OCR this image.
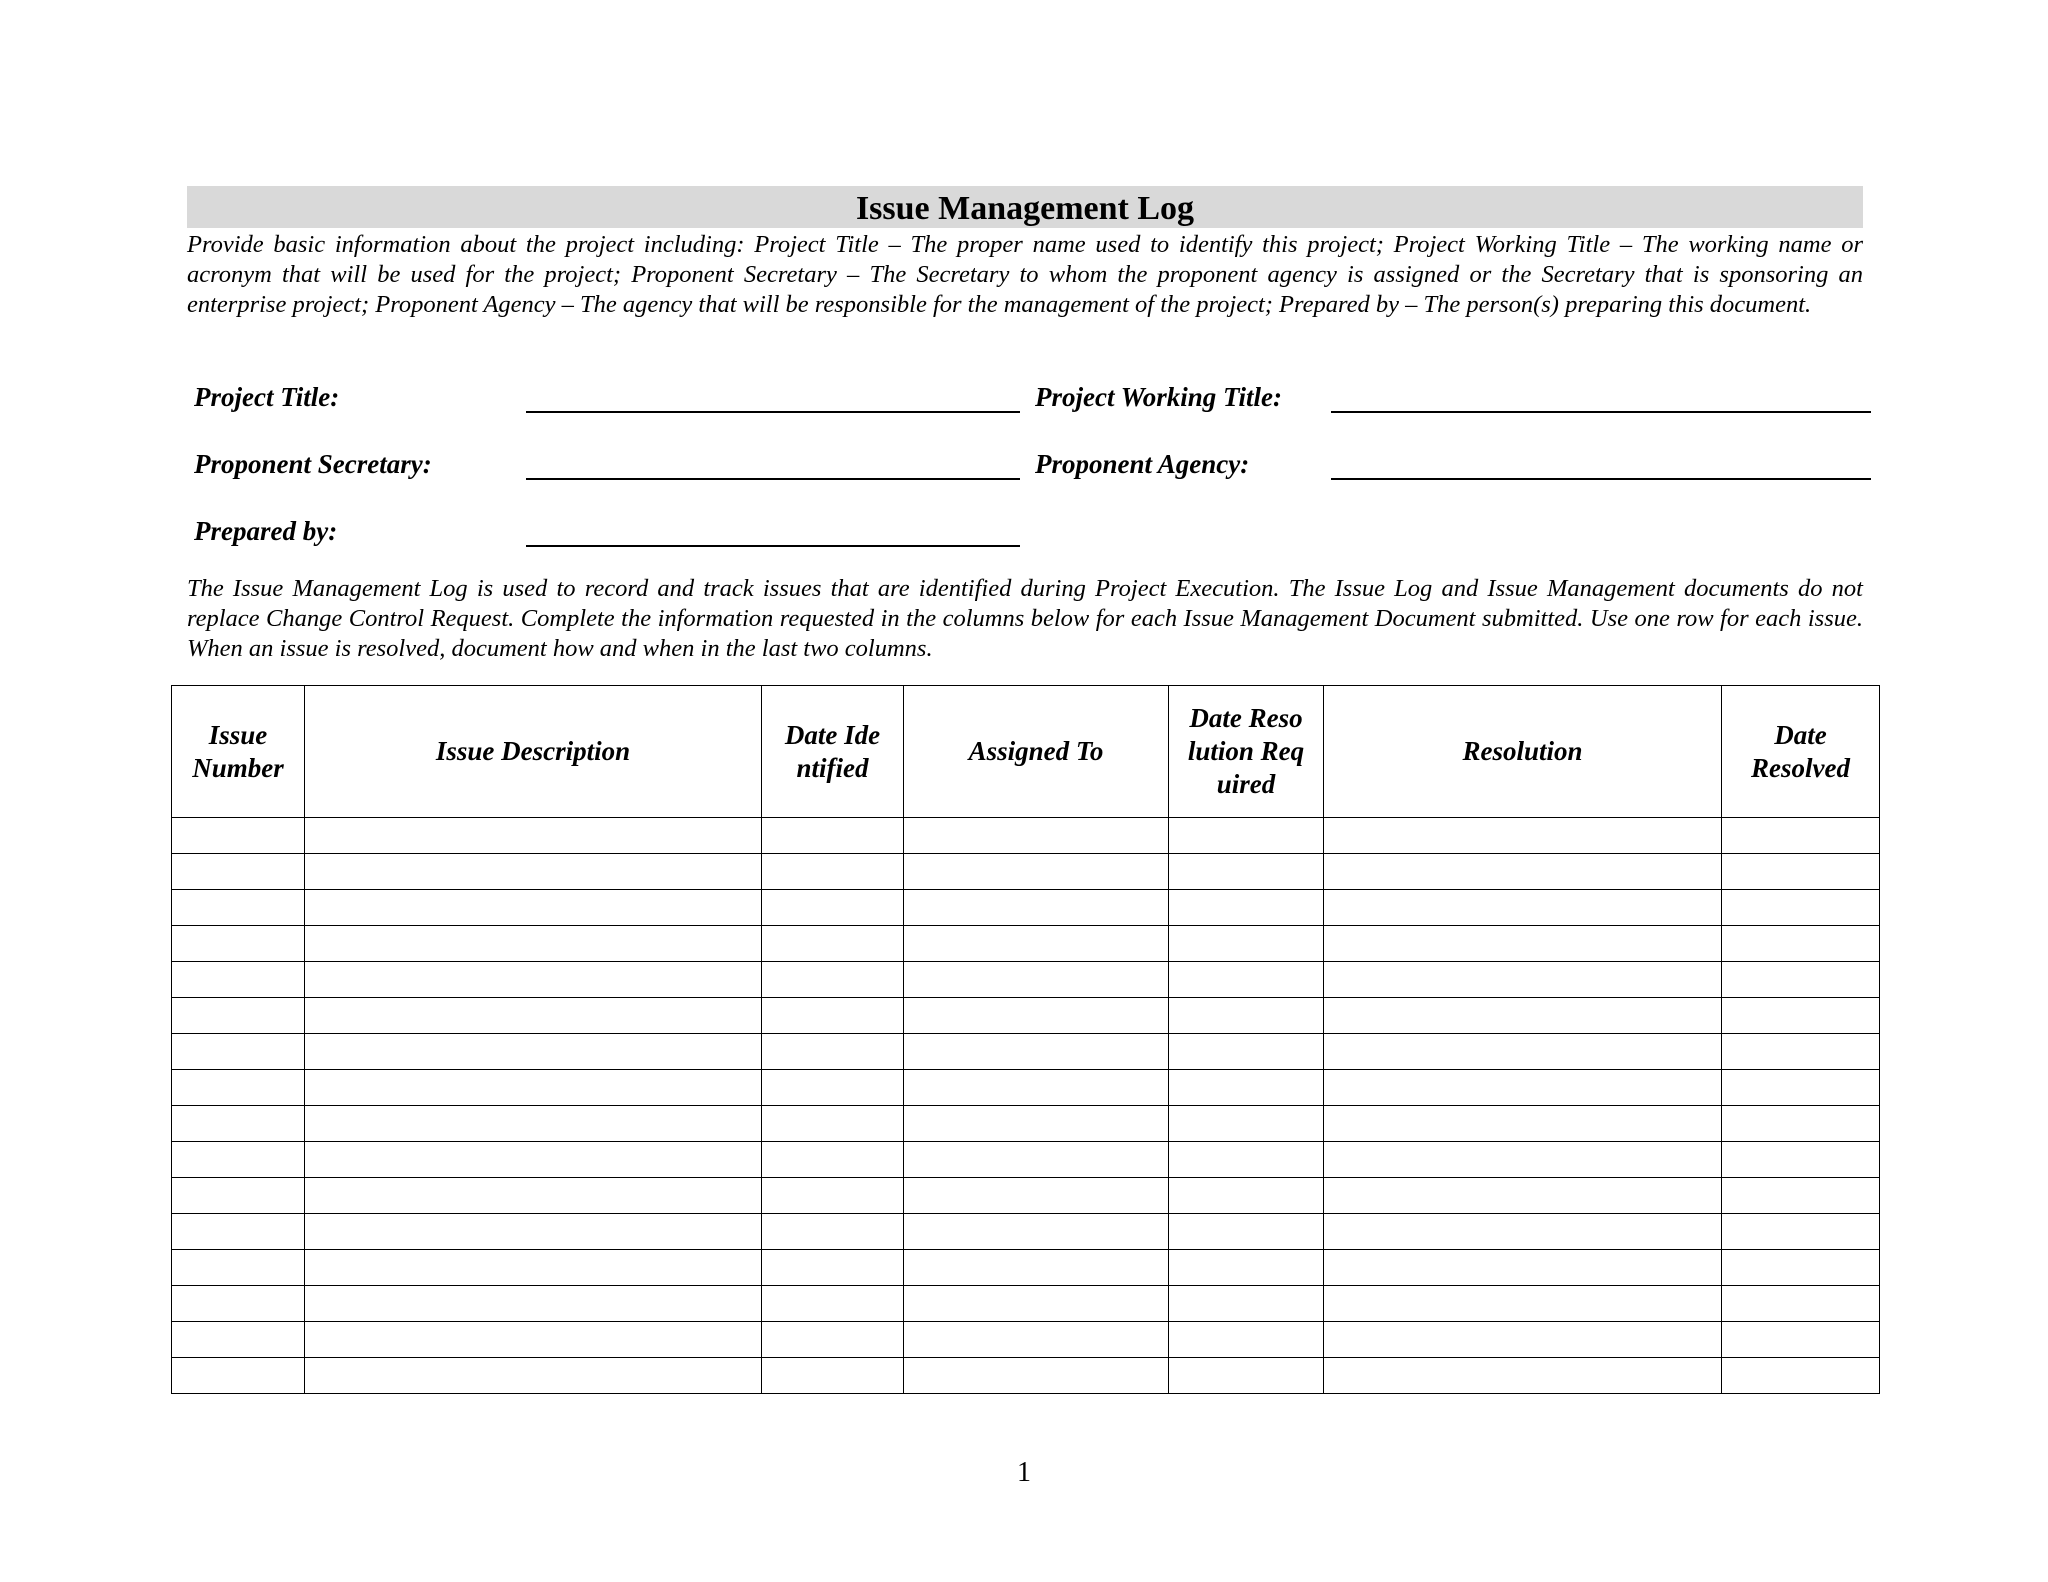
Issue Management Log
Provide basic information about the project including: Project Title – The proper name used to identify this project; Project Working Title – The working name or acronym that will be used for the project; Proponent Secretary – The Secretary to whom the proponent agency is assigned or the Secretary that is sponsoring an enterprise project; Proponent Agency – The agency that will be responsible for the management of the project; Prepared by – The person(s) preparing this document.
Project Title:	Project Working Title:
Proponent Secretary:	Proponent Agency:
Prepared by:
The Issue Management Log is used to record and track issues that are identified during Project Execution. The Issue Log and Issue Management documents do not replace Change Control Request. Complete the information requested in the columns below for each Issue Management Document submitted. Use one row for each issue. When an issue is resolved, document how and when in the last two columns.
Issue Number	Issue Description	Date Identified	Assigned To	Date Resolution Required	Resolution	Date Resolved

1
